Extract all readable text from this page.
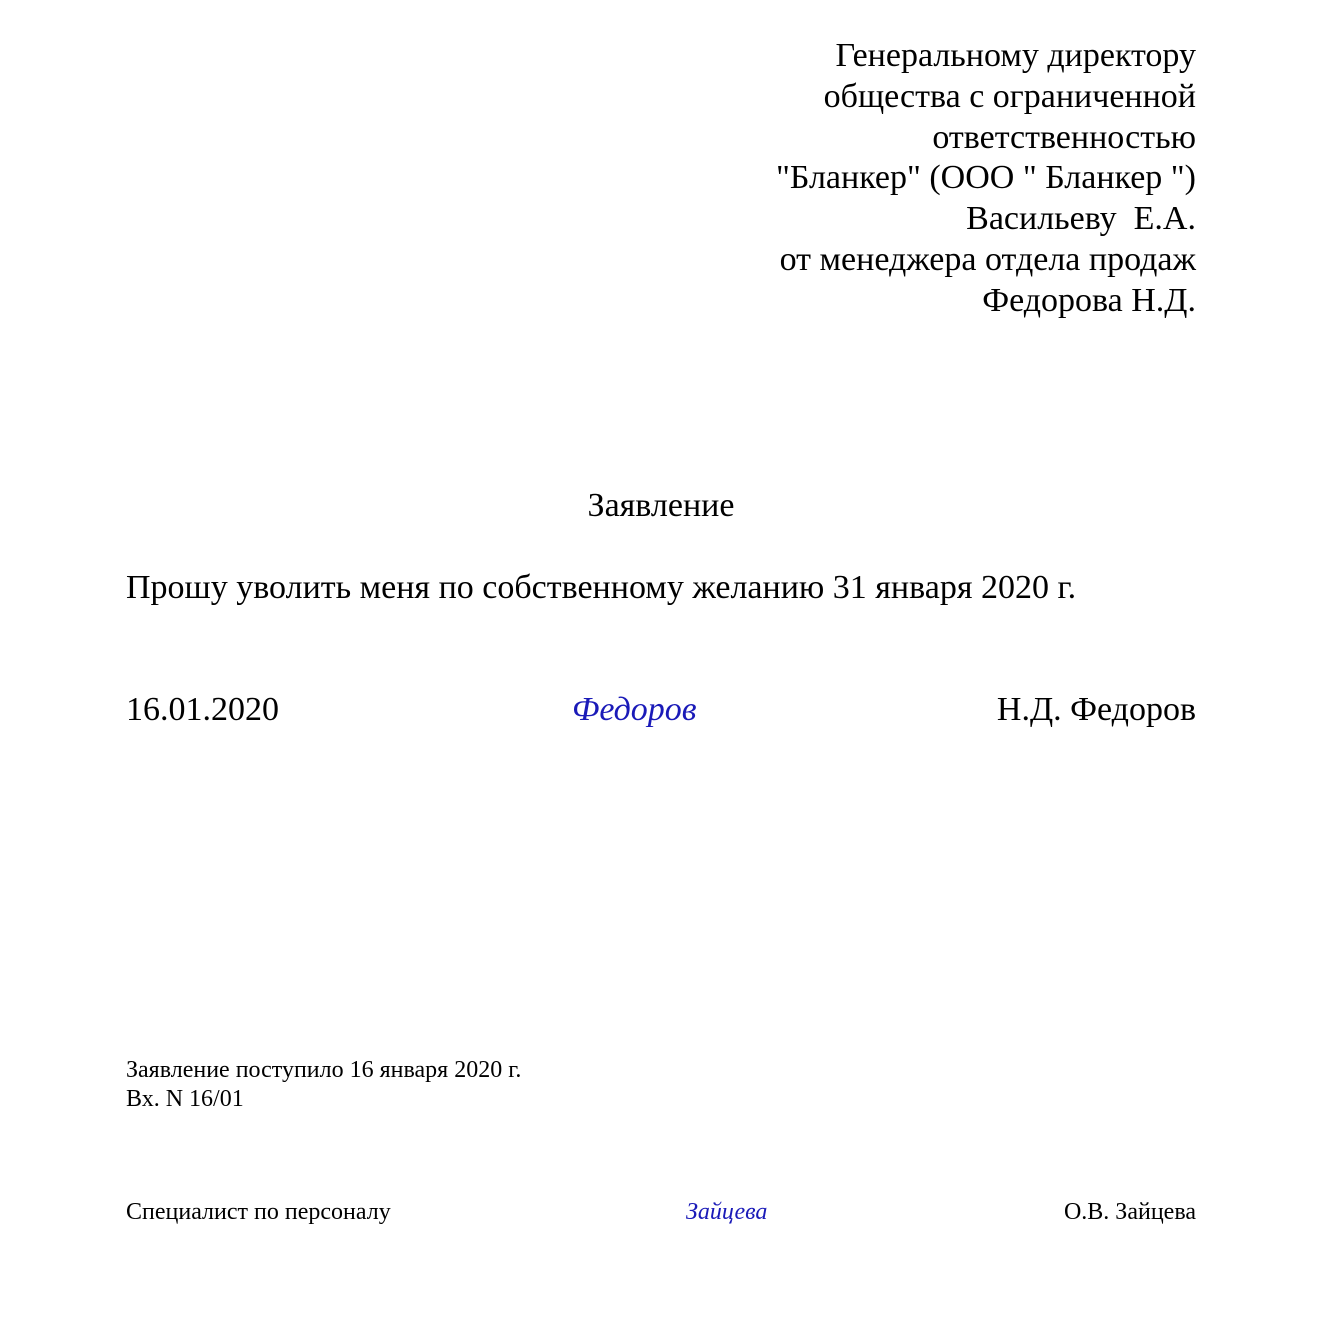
Генеральному директору
общества с ограниченной
ответственностью
"Бланкер" (ООО " Бланкер ")
Васильеву  Е.А.
от менеджера отдела продаж
Федорова Н.Д.
Заявление
Прошу уволить меня по собственному желанию 31 января 2020 г.
16.01.2020	Федоров	Н.Д. Федоров
Заявление поступило 16 января 2020 г.
Вх. N 16/01
Специалист по персоналу	Зайцева	О.В. Зайцева
